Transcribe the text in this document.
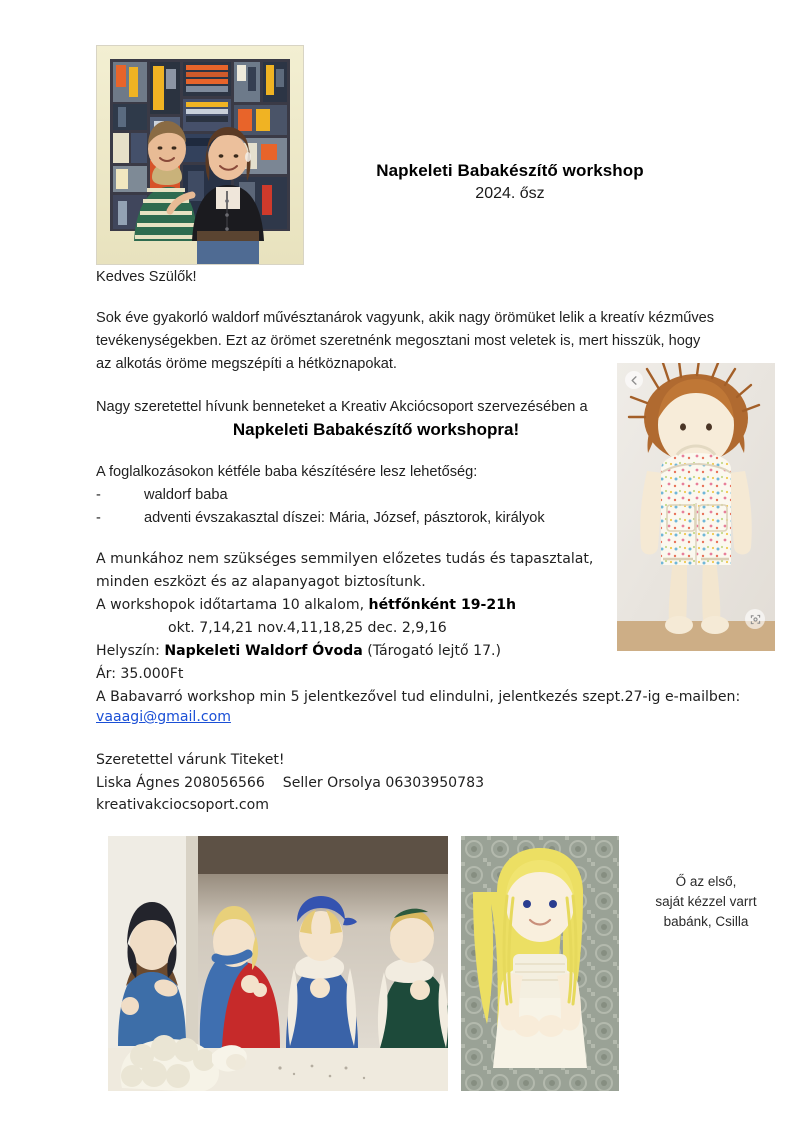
Napkeleti Babakészítő workshop
2024. ősz
Kedves Szülők!
Sok éve gyakorló waldorf művésztanárok vagyunk, akik nagy örömüket lelik a kreatív kézműves tevékenységekben. Ezt az örömet szeretnénk megosztani most veletek is, mert hisszük, hogy az alkotás öröme megszépíti a hétköznapokat.
Nagy szeretettel hívunk benneteket a Kreativ Akciócsoport szervezésében a
Napkeleti Babakészítő workshopra!
A foglalkozásokon kétféle baba készítésére lesz lehetőség:
-	waldorf baba
-	adventi évszakasztal díszei: Mária, József, pásztorok, királyok
A munkához nem szükséges semmilyen előzetes tudás és tapasztalat, minden eszközt és az alapanyagot biztosítunk.
A workshopok időtartama 10 alkalom, hétfőnként 19-21h
okt. 7,14,21 nov.4,11,18,25 dec. 2,9,16
Helyszín: Napkeleti Waldorf Óvoda (Tárogató lejtő 17.)
Ár: 35.000Ft
A Babavarró workshop min 5 jelentkezővel tud elindulni, jelentkezés szept.27-ig e-mailben:
vaaagi@gmail.com
Szeretettel várunk Titeket!
Liska Ágnes 208056566    Seller Orsolya 06303950783
kreativakciocsoport.com
Ő az első,
saját kézzel varrt
babánk, Csilla
